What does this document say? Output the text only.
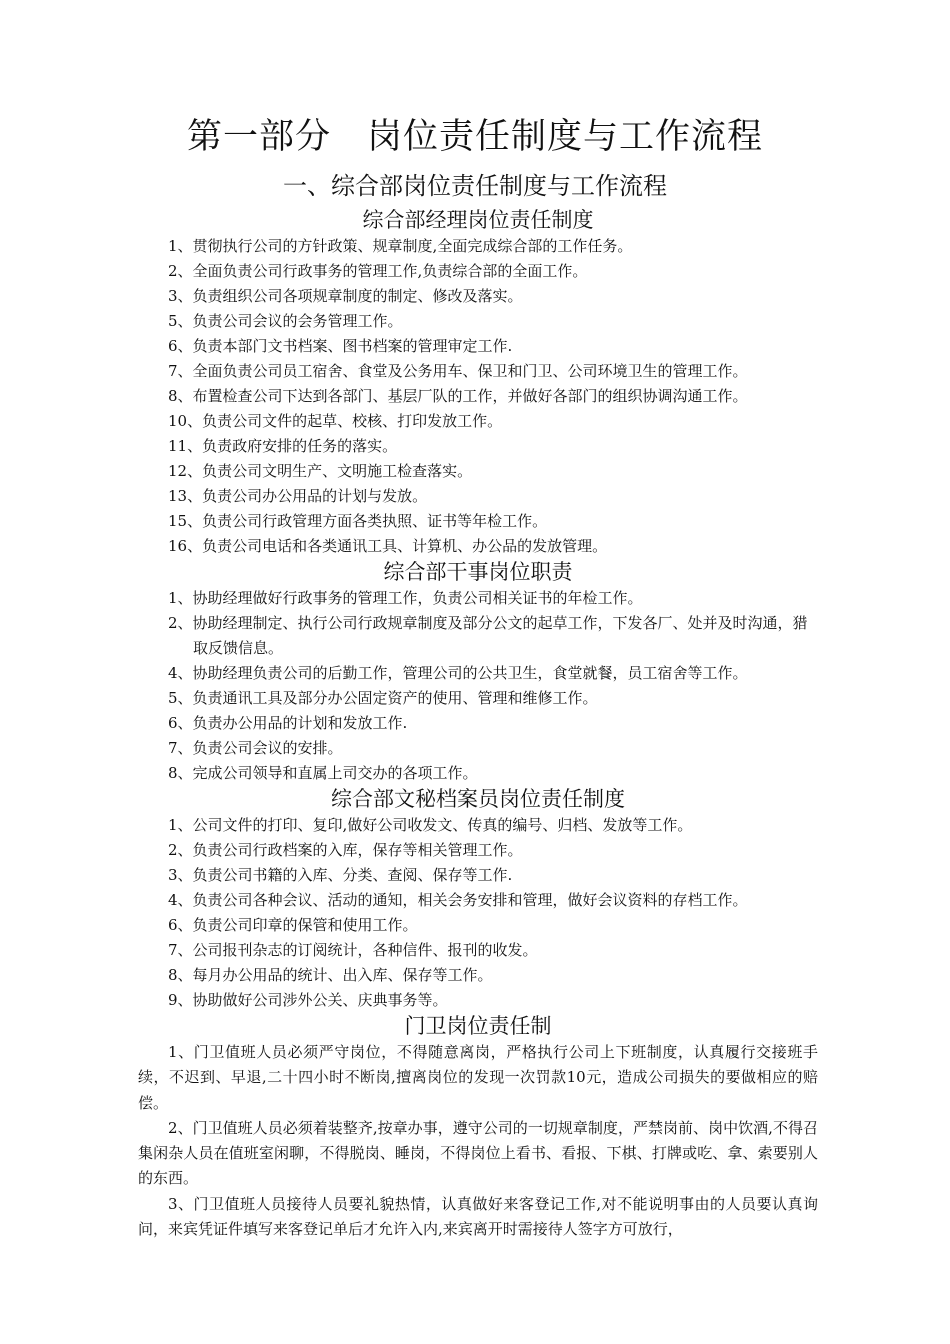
第一部分　岗位责任制度与工作流程
一、综合部岗位责任制度与工作流程
综合部经理岗位责任制度
1、贯彻执行公司的方针政策、规章制度,全面完成综合部的工作任务。
2、全面负责公司行政事务的管理工作,负责综合部的全面工作。
3、负责组织公司各项规章制度的制定、修改及落实。
5、负责公司会议的会务管理工作。
6、负责本部门文书档案、图书档案的管理审定工作.
7、全面负责公司员工宿舍、食堂及公务用车、保卫和门卫、公司环境卫生的管理工作。
8、布置检查公司下达到各部门、基层厂队的工作，并做好各部门的组织协调沟通工作。
10、负责公司文件的起草、校核、打印发放工作。
11、负责政府安排的任务的落实。
12、负责公司文明生产、文明施工检查落实。
13、负责公司办公用品的计划与发放。
15、负责公司行政管理方面各类执照、证书等年检工作。
16、负责公司电话和各类通讯工具、计算机、办公品的发放管理。
综合部干事岗位职责
1、协助经理做好行政事务的管理工作，负责公司相关证书的年检工作。
2、协助经理制定、执行公司行政规章制度及部分公文的起草工作，下发各厂、处并及时沟通，猎取反馈信息。
4、协助经理负责公司的后勤工作，管理公司的公共卫生，食堂就餐，员工宿舍等工作。
5、负责通讯工具及部分办公固定资产的使用、管理和维修工作。
6、负责办公用品的计划和发放工作.
7、负责公司会议的安排。
8、完成公司领导和直属上司交办的各项工作。
综合部文秘档案员岗位责任制度
1、公司文件的打印、复印,做好公司收发文、传真的编号、归档、发放等工作。
2、负责公司行政档案的入库，保存等相关管理工作。
3、负责公司书籍的入库、分类、查阅、保存等工作.
4、负责公司各种会议、活动的通知，相关会务安排和管理，做好会议资料的存档工作。
6、负责公司印章的保管和使用工作。
7、公司报刊杂志的订阅统计，各种信件、报刊的收发。
8、每月办公用品的统计、出入库、保存等工作。
9、协助做好公司涉外公关、庆典事务等。
门卫岗位责任制

1、门卫值班人员必须严守岗位，不得随意离岗，严格执行公司上下班制度，认真履行交接班手续，不迟到、早退,二十四小时不断岗,擅离岗位的发现一次罚款10元，造成公司损失的要做相应的赔偿。

2、门卫值班人员必须着装整齐,按章办事，遵守公司的一切规章制度，严禁岗前、岗中饮酒,不得召集闲杂人员在值班室闲聊，不得脱岗、睡岗，不得岗位上看书、看报、下棋、打牌或吃、拿、索要别人的东西。

3、门卫值班人员接待人员要礼貌热情，认真做好来客登记工作,对不能说明事由的人员要认真询问，来宾凭证件填写来客登记单后才允许入内,来宾离开时需接待人签字方可放行，
